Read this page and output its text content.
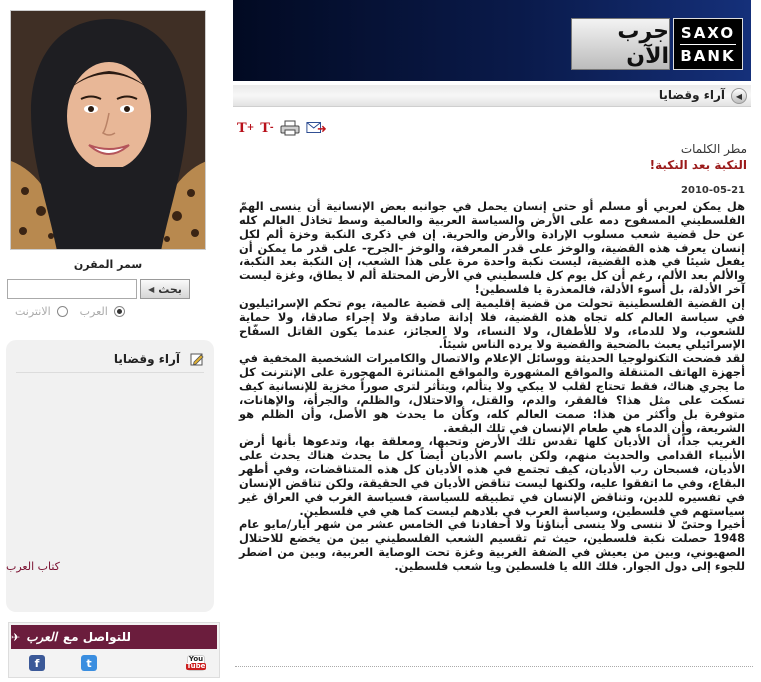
سمر المقرن
بحث
◀
العرب
الانترنت
آراء وقضايا
كتاب العرب
للتواصل مع
العرب
✈
f	t	You
Tube
جرب الآن
SAXO
BANK
◀
آراء وقضايا
T + T -
مطر الكلمات
النكبة بعد النكبة!
2010-05-21

هل يمكن لعربي أو مسلم أو حتى إنسان يحمل في جوانبه بعض الإنسانية أن ينسى الهمّ الفلسطيني المسفوح دمه على الأرض والسياسة العربية والعالمية وسط تخاذل العالم كله عن حل قضية شعب مسلوب الإرادة والأرض والحرية. إن في ذكرى النكبة وخزة ألم لكل إنسان يعرف هذه القضية، والوخز على قدر المعرفة، والوخز -الجرح- على قدر ما يمكن أن يفعل شيئا في هذه القضية، ليست نكبة واحدة مرة على هذا الشعب، إن النكبة بعد النكبة، والألم بعد الألم، رغم أن كل يوم كل فلسطيني في الأرض المحتلة ألم لا يطاق، وغزة ليست آخر الأدلة، بل أسوء الأدلة، فالمعذرة يا فلسطين!

إن القضية الفلسطينية تحولت من قضية إقليمية إلى قضية عالمية، يوم تحكم الإسرائيليون في سياسة العالم كله تجاه هذه القضية، فلا إدانة صادقة ولا إجراء صادقا، ولا حماية للشعوب، ولا للدماء، ولا للأطفال، ولا النساء، ولا العجائز، عندما يكون القاتل السفّاح الإسرائيلي يعبث بالضحية والقضية ولا يرده الناس شيئاً.

لقد فضحت التكنولوجيا الحديثة ووسائل الإعلام والاتصال والكاميرات الشخصية المخفية في أجهزة الهاتف المتنقلة والمواقع المشهورة والمواقع المتناثرة المهجورة على الإنترنت كل ما يجري هناك، فقط تحتاج لقلب لا يبكي ولا يتألم، ويتأثر لترى صوراً مخزية للإنسانية كيف تسكت على مثل هذا؟ فالفقر، والدم، والقتل، والاحتلال، والظلم، والجرأة، والإهانات، متوفرة بل وأكثر من هذا: صمت العالم كله، وكأن ما يحدث هو الأصل، وأن الظلم هو الشريعة، وأن الدماء هي طعام الإنسان في تلك البقعة.

الغريب جداً، أن الأديان كلها تقدس تلك الأرض وتحبها، ومعلقة بها، وتدعوها بأنها أرض الأنبياء القدامى والحديث منهم، ولكن باسم الأديان أيضاً كل ما يحدث هناك يحدث على الأديان، فسبحان رب الأديان، كيف تجتمع في هذه الأديان كل هذه المتناقضات، وفي أطهر البقاع، وفي ما اتفقوا عليه، ولكنها ليست تناقض الأديان في الحقيقة، ولكن تناقض الإنسان في تفسيره للدين، وتناقض الإنسان في تطبيقه للسياسة، فسياسة الغرب في العراق غير سياستهم في فلسطين، وسياسة العرب في بلادهم ليست كما هي في فلسطين.

أخيرا وحتىّ لا ننسى ولا ينسى أبناؤنا ولا أحفادنا في الخامس عشر من شهر أيار/مايو عام 1948 حصلت نكبة فلسطين، حيث تم تقسيم الشعب الفلسطيني بين من يخضع للاحتلال الصهيوني، وبين من يعيش في الضفة الغربية وغزة تحت الوصاية العربية، وبين من اضطر للجوء إلى دول الجوار. فلك الله يا فلسطين ويا شعب فلسطين.
